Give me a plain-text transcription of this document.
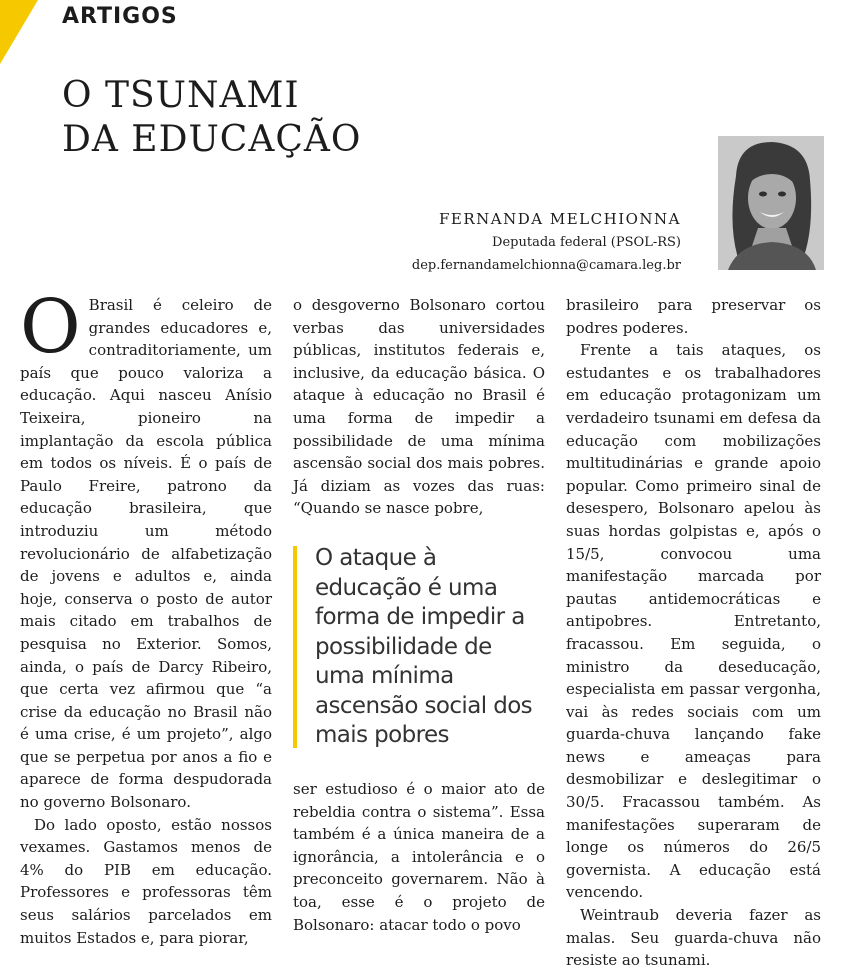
ARTIGOS
O TSUNAMI
DA EDUCAÇÃO
FERNANDA MELCHIONNA
Deputada federal (PSOL-RS)
dep.fernandamelchionna@camara.leg.br

O Brasil é celeiro de grandes educadores e, contraditoriamente, um país que pouco valoriza a educação. Aqui nasceu Anísio Teixeira, pioneiro na implantação da escola pública em todos os níveis. É o país de Paulo Freire, patrono da educação brasileira, que introduziu um método revolucionário de alfabetização de jovens e adultos e, ainda hoje, conserva o posto de autor mais citado em trabalhos de pesquisa no Exterior. Somos, ainda, o país de Darcy Ribeiro, que certa vez afirmou que “a crise da educação no Brasil não é uma crise, é um projeto”, algo que se perpetua por anos a fio e aparece de forma despudorada no governo Bolsonaro.

Do lado oposto, estão nossos vexames. Gastamos menos de 4% do PIB em educação. Professores e professoras têm seus salários parcelados em muitos Estados e, para piorar,

o desgoverno Bolsonaro cortou verbas das universidades públicas, institutos federais e, inclusive, da educação básica. O ataque à educação no Brasil é uma forma de impedir a possibilidade de uma mínima ascensão social dos mais pobres. Já diziam as vozes das ruas: “Quando se nasce pobre,

O ataque à educação é uma forma de impedir a possibilidade de uma mínima ascensão social dos mais pobres

ser estudioso é o maior ato de rebeldia contra o sistema”. Essa também é a única maneira de a ignorância, a intolerância e o preconceito governarem. Não à toa, esse é o projeto de Bolsonaro: atacar todo o povo

brasileiro para preservar os podres poderes.

Frente a tais ataques, os estudantes e os trabalhadores em educação protagonizam um verdadeiro tsunami em defesa da educação com mobilizações multitudinárias e grande apoio popular. Como primeiro sinal de desespero, Bolsonaro apelou às suas hordas golpistas e, após o 15/5, convocou uma manifestação marcada por pautas antidemocráticas e antipobres. Entretanto, fracassou. Em seguida, o ministro da deseducação, especialista em passar vergonha, vai às redes sociais com um guarda-chuva lançando fake news e ameaças para desmobilizar e deslegitimar o 30/5. Fracassou também. As manifestações superaram de longe os números do 26/5 governista. A educação está vencendo.

Weintraub deveria fazer as malas. Seu guarda-chuva não resiste ao tsunami.
